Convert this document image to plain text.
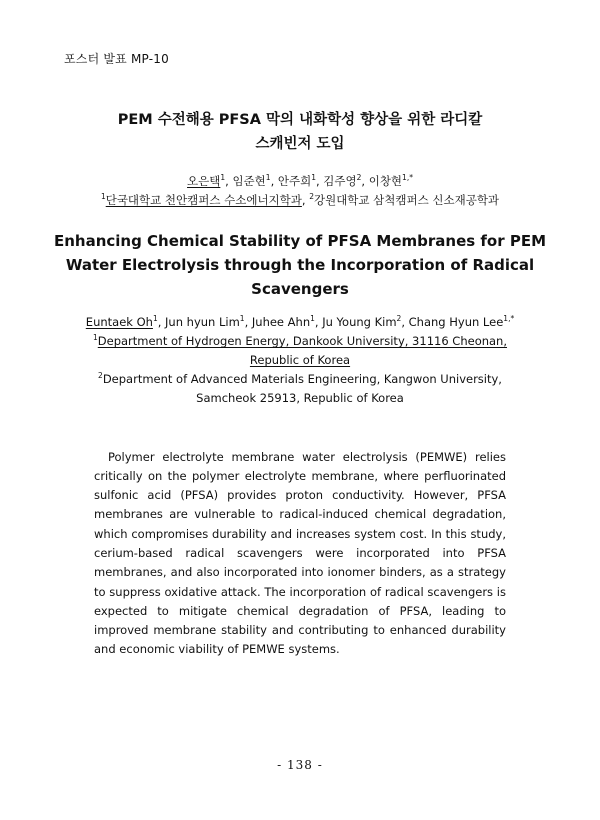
포스터 발표 MP-10
PEM 수전해용 PFSA 막의 내화학성 향상을 위한 라디칼
스캐빈저 도입
오은택$^1$, 임준현$^1$, 안주희$^1$, 김주영$^2$, 이창현$^{1,*}$
$^1$단국대학교 천안캠퍼스 수소에너지학과, $^2$강원대학교 삼척캠퍼스 신소재공학과
Enhancing Chemical Stability of PFSA Membranes for PEM
Water Electrolysis through the Incorporation of Radical
Scavengers
Euntaek Oh$^1$, Jun hyun Lim$^1$, Juhee Ahn$^1$, Ju Young Kim$^2$, Chang Hyun Lee$^{1,*}$
$^1$Department of Hydrogen Energy, Dankook University, 31116 Cheonan,
Republic of Korea
$^2$Department of Advanced Materials Engineering, Kangwon University,
Samcheok 25913, Republic of Korea

Polymer electrolyte membrane water electrolysis (PEMWE) relies critically on the polymer electrolyte membrane, where perfluorinated sulfonic acid (PFSA) provides proton conductivity. However, PFSA membranes are vulnerable to radical-induced chemical degradation, which compromises durability and increases system cost. In this study, cerium-based radical scavengers were incorporated into PFSA membranes, and also incorporated into ionomer binders, as a strategy to suppress oxidative attack. The incorporation of radical scavengers is expected to mitigate chemical degradation of PFSA, leading to improved membrane stability and contributing to enhanced durability and economic viability of PEMWE systems.

- 138 -
